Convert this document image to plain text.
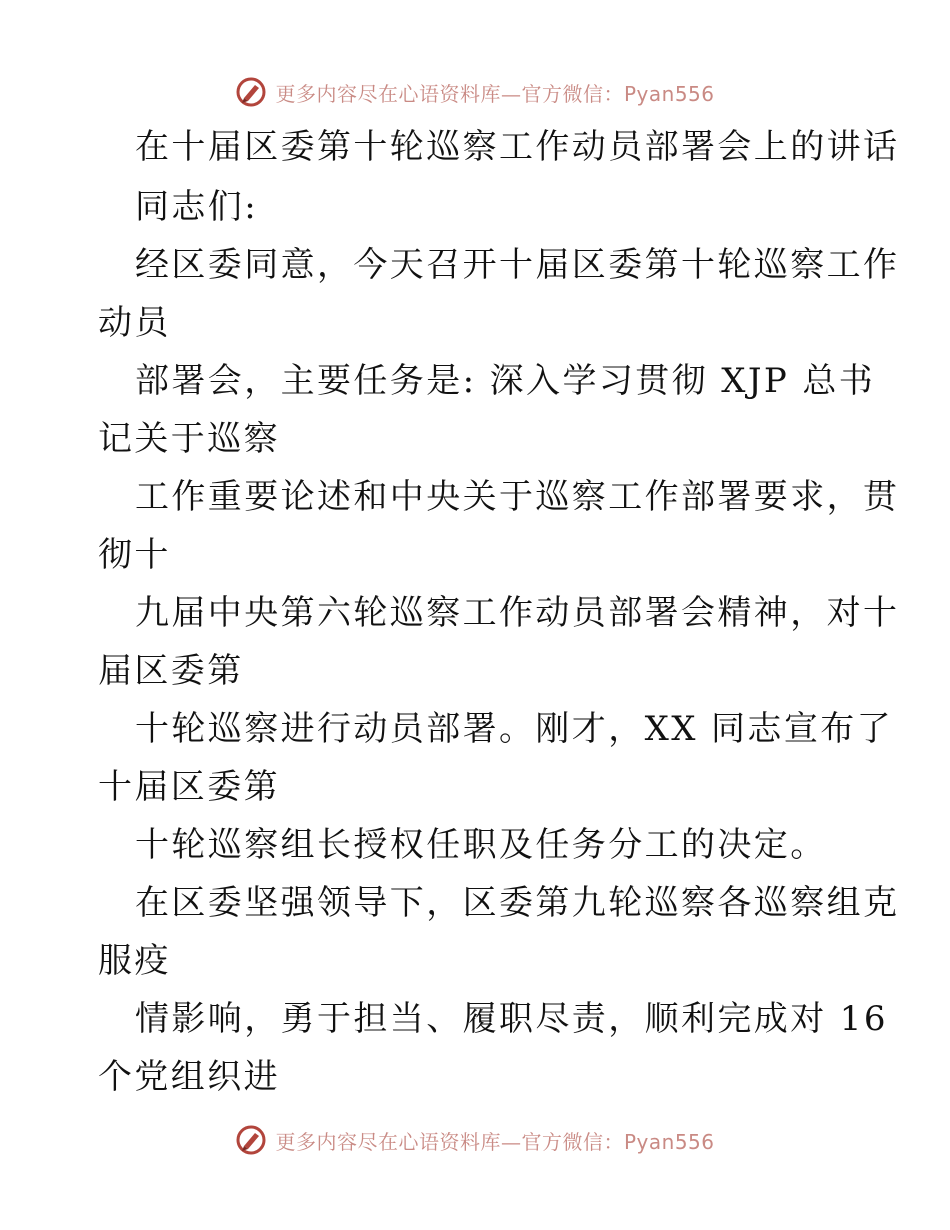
更多内容尽在心语资料库—官方微信：Pyan556
在十届区委第十轮巡察工作动员部署会上的讲话
同志们:
经区委同意，今天召开十届区委第十轮巡察工作
动员
部署会，主要任务是: 深入学习贯彻 XJP 总书
记关于巡察
工作重要论述和中央关于巡察工作部署要求，贯
彻十
九届中央第六轮巡察工作动员部署会精神，对十
届区委第
十轮巡察进行动员部署。刚才，XX 同志宣布了
十届区委第
十轮巡察组长授权任职及任务分工的决定。
在区委坚强领导下，区委第九轮巡察各巡察组克
服疫
情影响，勇于担当、履职尽责，顺利完成对 16
个党组织进
更多内容尽在心语资料库—官方微信：Pyan556
